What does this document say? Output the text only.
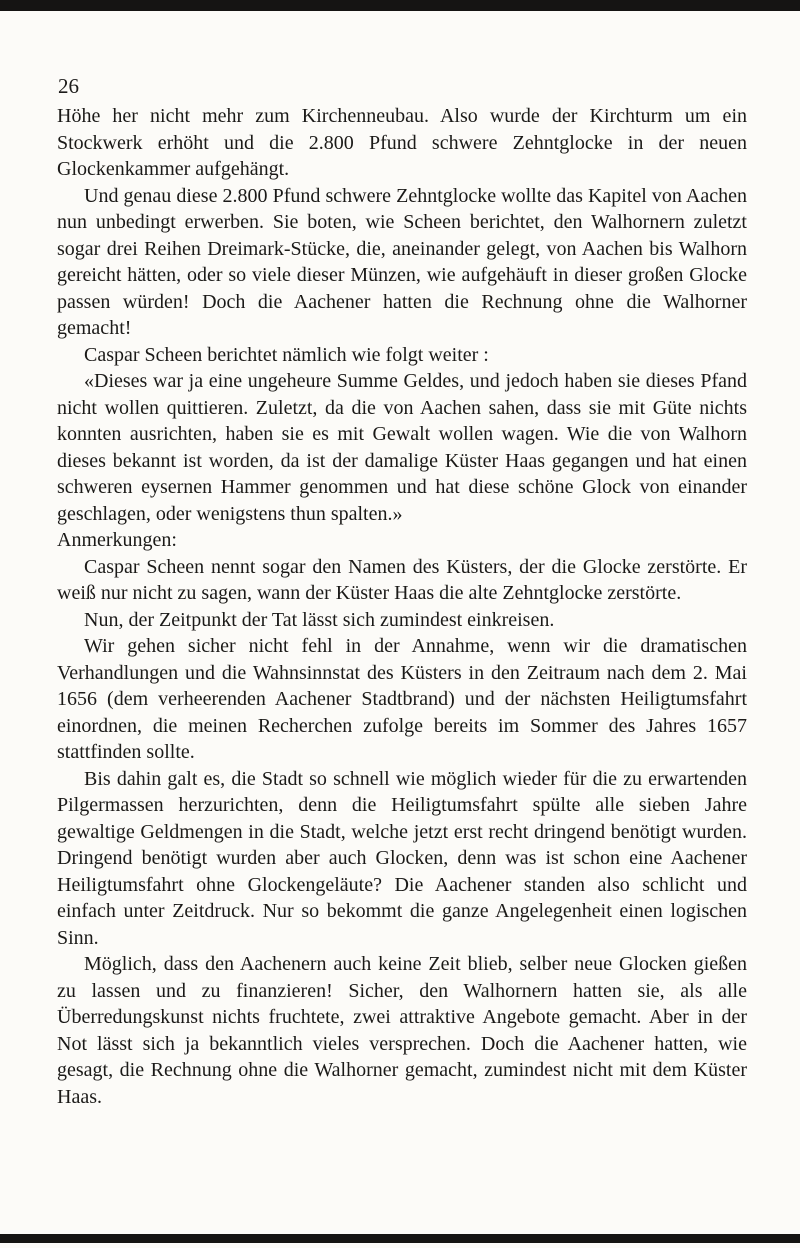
26

Höhe her nicht mehr zum Kirchenneubau. Also wurde der Kirchturm um ein Stockwerk erhöht und die 2.800 Pfund schwere Zehntglocke in der neuen Glockenkammer aufgehängt.

Und genau diese 2.800 Pfund schwere Zehntglocke wollte das Kapitel von Aachen nun unbedingt erwerben. Sie boten, wie Scheen berichtet, den Walhornern zuletzt sogar drei Reihen Dreimark-Stücke, die, aneinander gelegt, von Aachen bis Walhorn gereicht hätten, oder so viele dieser Münzen, wie aufgehäuft in dieser großen Glocke passen würden! Doch die Aachener hatten die Rechnung ohne die Walhorner gemacht!

Caspar Scheen berichtet nämlich wie folgt weiter :

«Dieses war ja eine ungeheure Summe Geldes, und jedoch haben sie dieses Pfand nicht wollen quittieren. Zuletzt, da die von Aachen sahen, dass sie mit Güte nichts konnten ausrichten, haben sie es mit Gewalt wollen wagen. Wie die von Walhorn dieses bekannt ist worden, da ist der damalige Küster Haas gegangen und hat einen schweren eysernen Hammer genommen und hat diese schöne Glock von einander geschlagen, oder wenigstens thun spalten.»

Anmerkungen:

Caspar Scheen nennt sogar den Namen des Küsters, der die Glocke zerstörte. Er weiß nur nicht zu sagen, wann der Küster Haas die alte Zehntglocke zerstörte.

Nun, der Zeitpunkt der Tat lässt sich zumindest einkreisen.

Wir gehen sicher nicht fehl in der Annahme, wenn wir die dramatischen Verhandlungen und die Wahnsinnstat des Küsters in den Zeitraum nach dem 2. Mai 1656 (dem verheerenden Aachener Stadtbrand) und der nächsten Heiligtumsfahrt einordnen, die meinen Recherchen zufolge bereits im Sommer des Jahres 1657 stattfinden sollte.

Bis dahin galt es, die Stadt so schnell wie möglich wieder für die zu erwartenden Pilgermassen herzurichten, denn die Heiligtumsfahrt spülte alle sieben Jahre gewaltige Geldmengen in die Stadt, welche jetzt erst recht dringend benötigt wurden. Dringend benötigt wurden aber auch Glocken, denn was ist schon eine Aachener Heiligtumsfahrt ohne Glockengeläute? Die Aachener standen also schlicht und einfach unter Zeitdruck. Nur so bekommt die ganze Angelegenheit einen logischen Sinn.

Möglich, dass den Aachenern auch keine Zeit blieb, selber neue Glocken gießen zu lassen und zu finanzieren! Sicher, den Walhornern hatten sie, als alle Überredungskunst nichts fruchtete, zwei attraktive Angebote gemacht. Aber in der Not lässt sich ja bekanntlich vieles versprechen. Doch die Aachener hatten, wie gesagt, die Rechnung ohne die Walhorner gemacht, zumindest nicht mit dem Küster Haas.
